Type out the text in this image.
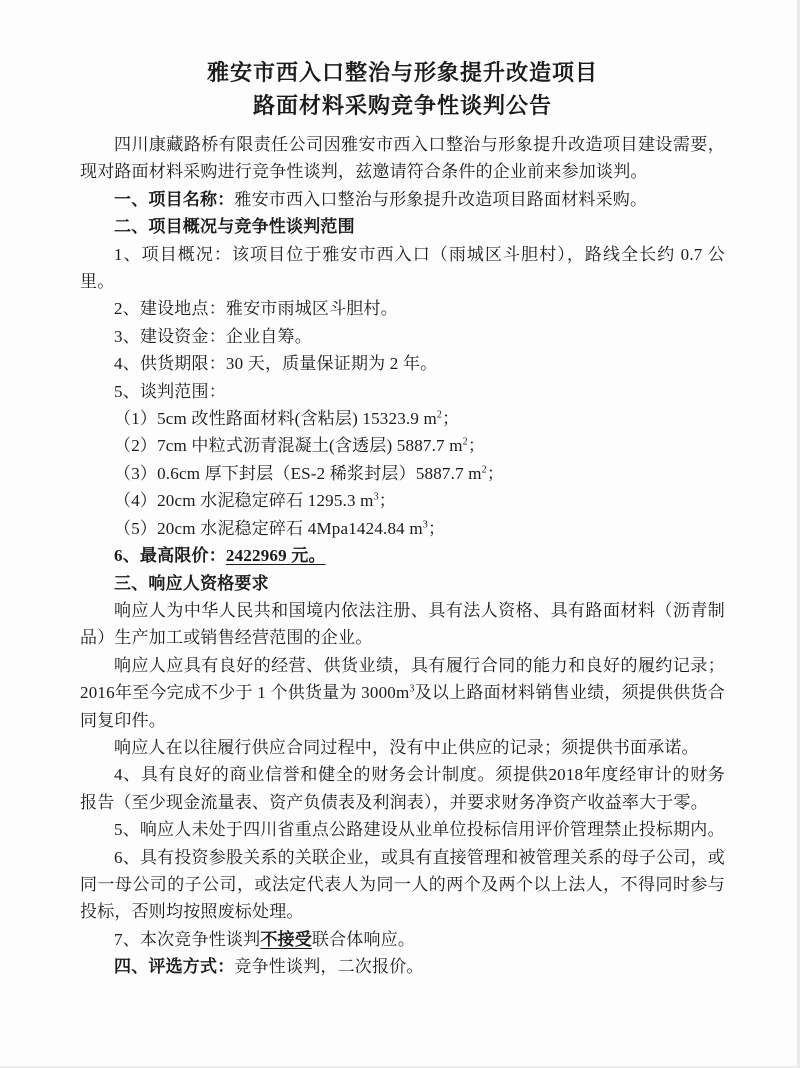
雅安市西入口整治与形象提升改造项目
路面材料采购竞争性谈判公告

四川康藏路桥有限责任公司因雅安市西入口整治与形象提升改造项目建设需要，现对路面材料采购进行竞争性谈判，兹邀请符合条件的企业前来参加谈判。

一、项目名称：雅安市西入口整治与形象提升改造项目路面材料采购。

二、项目概况与竞争性谈判范围

1、项目概况：该项目位于雅安市西入口（雨城区斗胆村），路线全长约 0.7 公里。

2、建设地点：雅安市雨城区斗胆村。

3、建设资金：企业自筹。

4、供货期限：30 天，质量保证期为 2 年。

5、谈判范围：

（1）5cm 改性路面材料(含粘层) 15323.9 $m^2$；

（2）7cm 中粒式沥青混凝土(含透层) 5887.7 $m^2$；

（3）0.6cm 厚下封层（ES-2 稀浆封层）5887.7 $m^2$；

（4）20cm 水泥稳定碎石 1295.3 $m^3$；

（5）20cm 水泥稳定碎石 4Mpa1424.84 $m^3$；

6、最高限价：2422969 元。

三、响应人资格要求

响应人为中华人民共和国境内依法注册、具有法人资格、具有路面材料（沥青制品）生产加工或销售经营范围的企业。

响应人应具有良好的经营、供货业绩，具有履行合同的能力和良好的履约记录；2016年至今完成不少于 1 个供货量为 $3000m^3$及以上路面材料销售业绩，须提供供货合同复印件。

响应人在以往履行供应合同过程中，没有中止供应的记录；须提供书面承诺。

4、具有良好的商业信誉和健全的财务会计制度。须提供2018年度经审计的财务报告（至少现金流量表、资产负债表及利润表），并要求财务净资产收益率大于零。

5、响应人未处于四川省重点公路建设从业单位投标信用评价管理禁止投标期内。

6、具有投资参股关系的关联企业，或具有直接管理和被管理关系的母子公司，或同一母公司的子公司，或法定代表人为同一人的两个及两个以上法人，不得同时参与投标，否则均按照废标处理。

7、本次竞争性谈判不接受联合体响应。

四、评选方式：竞争性谈判，二次报价。
